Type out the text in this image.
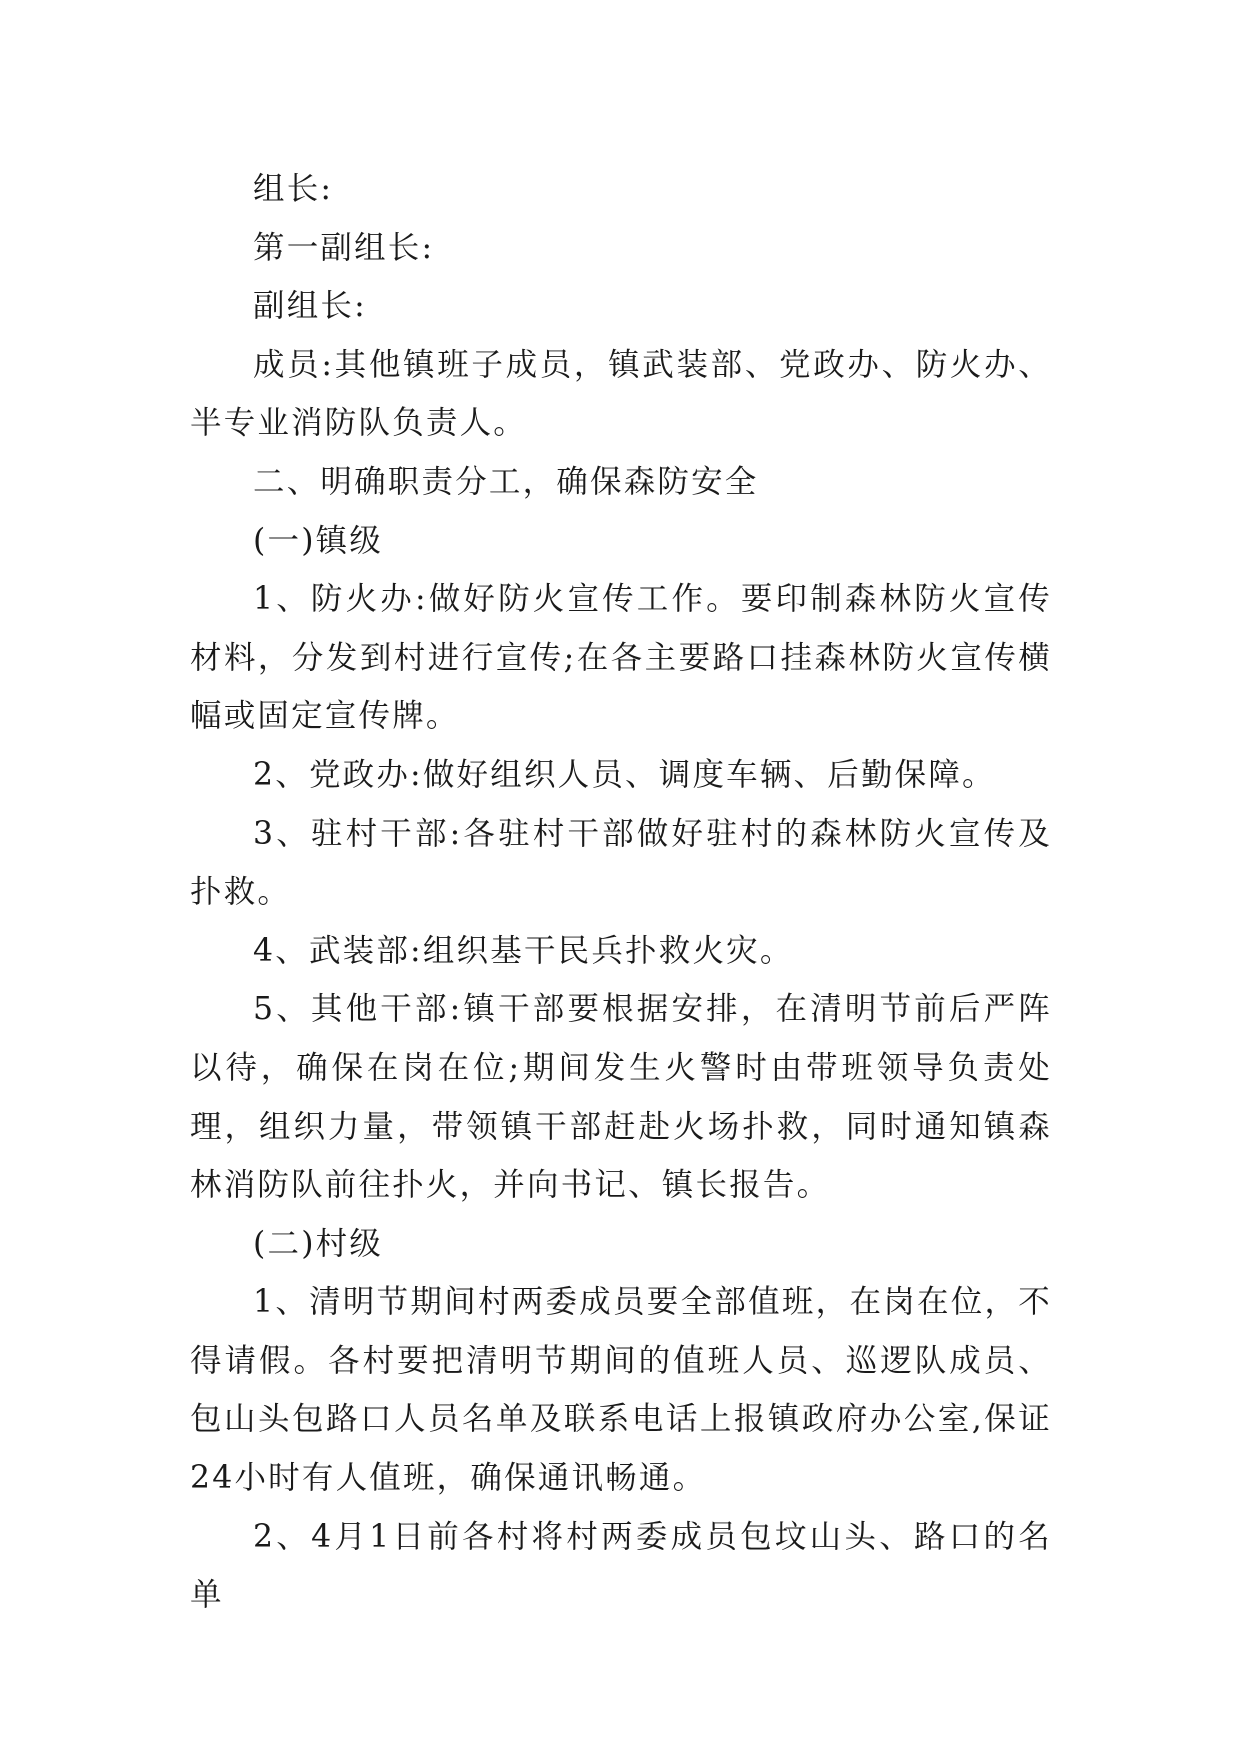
组长:

第一副组长:

副组长:

成员:其他镇班子成员，镇武装部、党政办、防火办、半专业消防队负责人。

二、明确职责分工，确保森防安全

(一)镇级

1、防火办:做好防火宣传工作。要印制森林防火宣传材料，分发到村进行宣传;在各主要路口挂森林防火宣传横幅或固定宣传牌。

2、党政办:做好组织人员、调度车辆、后勤保障。

3、驻村干部:各驻村干部做好驻村的森林防火宣传及扑救。

4、武装部:组织基干民兵扑救火灾。

5、其他干部:镇干部要根据安排，在清明节前后严阵以待，确保在岗在位;期间发生火警时由带班领导负责处理，组织力量，带领镇干部赶赴火场扑救，同时通知镇森林消防队前往扑火，并向书记、镇长报告。

(二)村级

1、清明节期间村两委成员要全部值班，在岗在位，不得请假。各村要把清明节期间的值班人员、巡逻队成员、包山头包路口人员名单及联系电话上报镇政府办公室,保证24小时有人值班，确保通讯畅通。

2、4月1日前各村将村两委成员包坟山头、路口的名单
